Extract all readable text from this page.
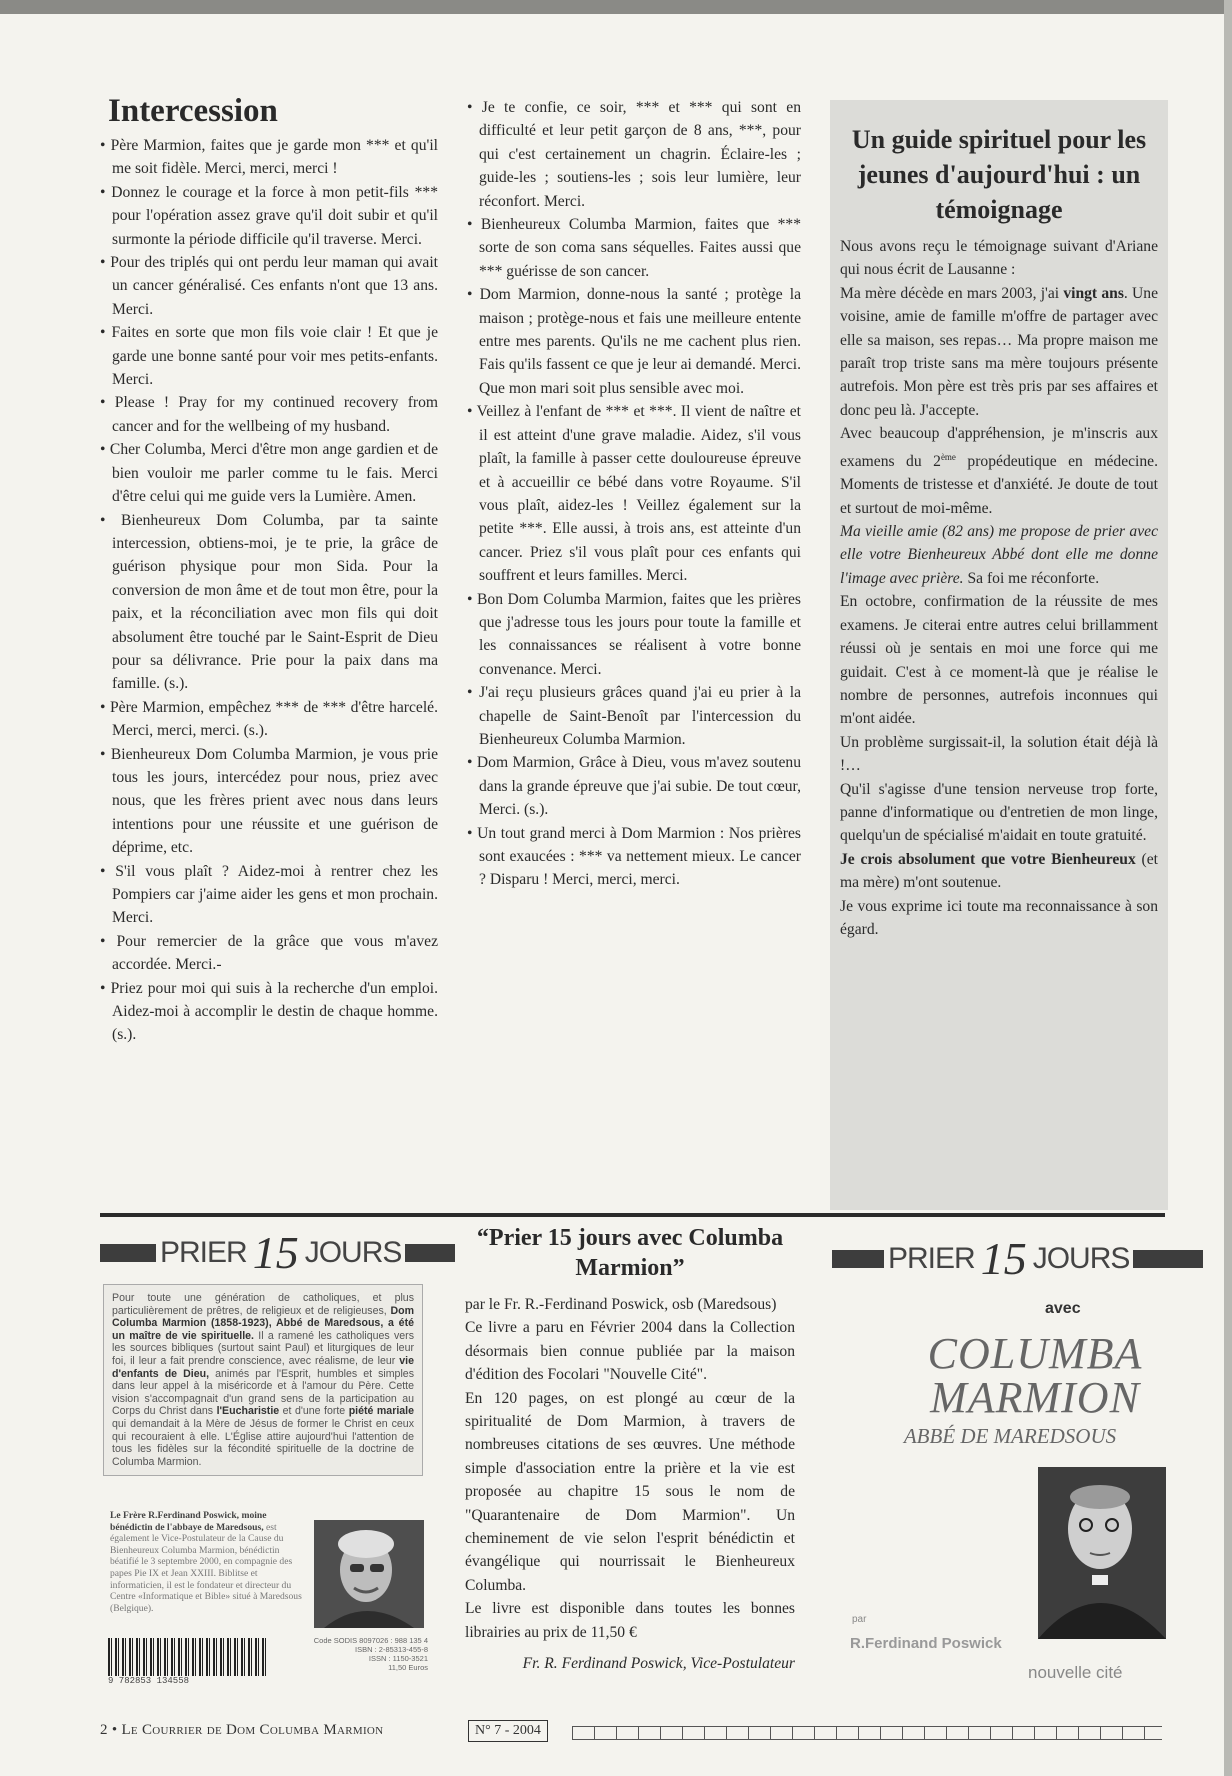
Intercession

• Père Marmion, faites que je garde mon *** et qu'il me soit fidèle. Merci, merci, merci !

• Donnez le courage et la force à mon petit-fils *** pour l'opération assez grave qu'il doit subir et qu'il surmonte la période difficile qu'il traverse. Merci.

• Pour des triplés qui ont perdu leur maman qui avait un cancer généralisé. Ces enfants n'ont que 13 ans. Merci.

• Faites en sorte que mon fils voie clair ! Et que je garde une bonne santé pour voir mes petits-enfants. Merci.

• Please ! Pray for my continued recovery from cancer and for the wellbeing of my husband.

• Cher Columba, Merci d'être mon ange gardien et de bien vouloir me parler comme tu le fais. Merci d'être celui qui me guide vers la Lumière. Amen.

• Bienheureux Dom Columba, par ta sainte intercession, obtiens-moi, je te prie, la grâce de guérison physique pour mon Sida. Pour la conversion de mon âme et de tout mon être, pour la paix, et la réconciliation avec mon fils qui doit absolument être touché par le Saint-Esprit de Dieu pour sa délivrance. Prie pour la paix dans ma famille. (s.).

• Père Marmion, empêchez *** de *** d'être harcelé. Merci, merci, merci. (s.).

• Bienheureux Dom Columba Marmion, je vous prie tous les jours, intercédez pour nous, priez avec nous, que les frères prient avec nous dans leurs intentions pour une réussite et une guérison de déprime, etc.

• S'il vous plaît ? Aidez-moi à rentrer chez les Pompiers car j'aime aider les gens et mon prochain. Merci.

• Pour remercier de la grâce que vous m'avez accordée. Merci.-

• Priez pour moi qui suis à la recherche d'un emploi. Aidez-moi à accomplir le destin de chaque homme. (s.).

• Je te confie, ce soir, *** et *** qui sont en difficulté et leur petit garçon de 8 ans, ***, pour qui c'est certainement un chagrin. Éclaire-les ; guide-les ; soutiens-les ; sois leur lumière, leur réconfort. Merci.

• Bienheureux Columba Marmion, faites que *** sorte de son coma sans séquelles. Faites aussi que *** guérisse de son cancer.

• Dom Marmion, donne-nous la santé ; protège la maison ; protège-nous et fais une meilleure entente entre mes parents. Qu'ils ne me cachent plus rien. Fais qu'ils fassent ce que je leur ai demandé. Merci. Que mon mari soit plus sensible avec moi.

• Veillez à l'enfant de *** et ***. Il vient de naître et il est atteint d'une grave maladie. Aidez, s'il vous plaît, la famille à passer cette douloureuse épreuve et à accueillir ce bébé dans votre Royaume. S'il vous plaît, aidez-les ! Veillez également sur la petite ***. Elle aussi, à trois ans, est atteinte d'un cancer. Priez s'il vous plaît pour ces enfants qui souffrent et leurs familles. Merci.

• Bon Dom Columba Marmion, faites que les prières que j'adresse tous les jours pour toute la famille et les connaissances se réalisent à votre bonne convenance. Merci.

• J'ai reçu plusieurs grâces quand j'ai eu prier à la chapelle de Saint-Benoît par l'intercession du Bienheureux Columba Marmion.

• Dom Marmion, Grâce à Dieu, vous m'avez soutenu dans la grande épreuve que j'ai subie. De tout cœur, Merci. (s.).

• Un tout grand merci à Dom Marmion : Nos prières sont exaucées : *** va nettement mieux. Le cancer ? Disparu ! Merci, merci, merci.

Un guide spirituel pour les jeunes d'aujourd'hui : un témoignage

Nous avons reçu le témoignage suivant d'Ariane qui nous écrit de Lausanne :

Ma mère décède en mars 2003, j'ai vingt ans. Une voisine, amie de famille m'offre de partager avec elle sa maison, ses repas… Ma propre maison me paraît trop triste sans ma mère toujours présente autrefois. Mon père est très pris par ses affaires et donc peu là. J'accepte.

Avec beaucoup d'appréhension, je m'inscris aux examens du 2ème propédeutique en médecine. Moments de tristesse et d'anxiété. Je doute de tout et surtout de moi-même.

Ma vieille amie (82 ans) me propose de prier avec elle votre Bienheureux Abbé dont elle me donne l'image avec prière. Sa foi me réconforte.

En octobre, confirmation de la réussite de mes examens. Je citerai entre autres celui brillamment réussi où je sentais en moi une force qui me guidait. C'est à ce moment-là que je réalise le nombre de personnes, autrefois inconnues qui m'ont aidée.

Un problème surgissait-il, la solution était déjà là !…

Qu'il s'agisse d'une tension nerveuse trop forte, panne d'informatique ou d'entretien de mon linge, quelqu'un de spécialisé m'aidait en toute gratuité.

Je crois absolument que votre Bienheureux (et ma mère) m'ont soutenue.

Je vous exprime ici toute ma reconnaissance à son égard.

PRIER 15 JOURS
Pour toute une génération de catholiques, et plus particulièrement de prêtres, de religieux et de religieuses, Dom Columba Marmion (1858-1923), Abbé de Maredsous, a été un maître de vie spirituelle. Il a ramené les catholiques vers les sources bibliques (surtout saint Paul) et liturgiques de leur foi, il leur a fait prendre conscience, avec réalisme, de leur vie d'enfants de Dieu, animés par l'Esprit, humbles et simples dans leur appel à la miséricorde et à l'amour du Père. Cette vision s'accompagnait d'un grand sens de la participation au Corps du Christ dans l'Eucharistie et d'une forte piété mariale qui demandait à la Mère de Jésus de former le Christ en ceux qui recouraient à elle. L'Église attire aujourd'hui l'attention de tous les fidèles sur la fécondité spirituelle de la doctrine de Columba Marmion.
Le Frère R.Ferdinand Poswick, moine bénédictin de l'abbaye de Maredsous, est également le Vice-Postulateur de la Cause du Bienheureux Columba Marmion, bénédictin béatifié le 3 septembre 2000, en compagnie des papes Pie IX et Jean XXIII. Biblitse et informaticien, il est le fondateur et directeur du Centre «Informatique et Bible» situé à Maredsous (Belgique).
9 782853 134558
Code SODIS 8097026 : 988 135 4
ISBN : 2-85313-455-8
ISSN : 1150-3521
11,50 Euros
“Prier 15 jours avec Columba Marmion”

par le Fr. R.-Ferdinand Poswick, osb (Maredsous)

Ce livre a paru en Février 2004 dans la Collection désormais bien connue publiée par la maison d'édition des Focolari "Nouvelle Cité".

En 120 pages, on est plongé au cœur de la spiritualité de Dom Marmion, à travers de nombreuses citations de ses œuvres. Une méthode simple d'association entre la prière et la vie est proposée au chapitre 15 sous le nom de "Quarantenaire de Dom Marmion". Un cheminement de vie selon l'esprit bénédictin et évangélique qui nourrissait le Bienheureux Columba.

Le livre est disponible dans toutes les bonnes librairies au prix de 11,50 €

Fr. R. Ferdinand Poswick, Vice-Postulateur

PRIER 15 JOURS
avec
COLUMBA MARMION
ABBÉ DE MAREDSOUS
par
R.Ferdinand Poswick
nouvelle cité
2 • Le Courrier de Dom Columba Marmion	N° 7 - 2004
